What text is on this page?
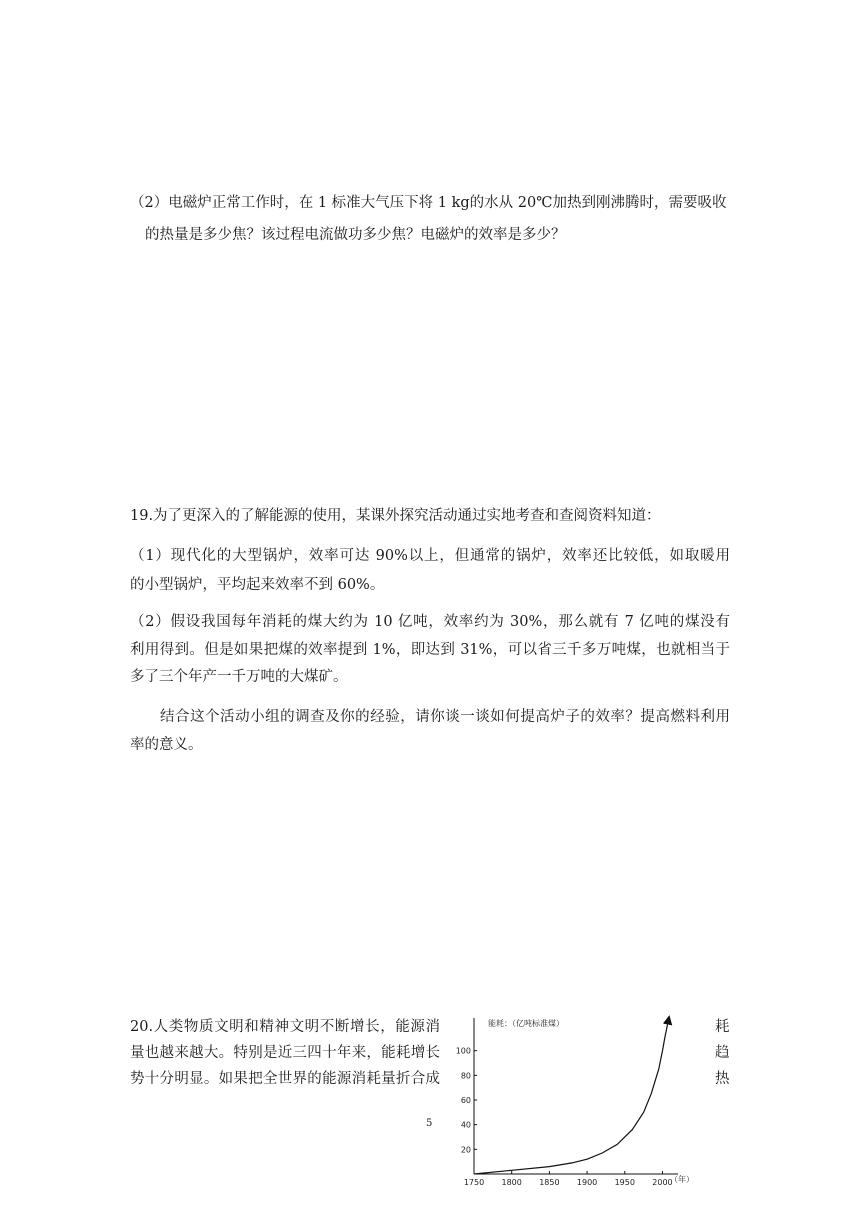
（2）电磁炉正常工作时，在 1 标准大气压下将 1 kg的水从 20℃加热到刚沸腾时，需要吸收
的热量是多少焦？该过程电流做功多少焦？电磁炉的效率是多少？
19.为了更深入的了解能源的使用，某课外探究活动通过实地考查和查阅资料知道：
（1）现代化的大型锅炉，效率可达 90%以上，但通常的锅炉，效率还比较低，如取暖用
的小型锅炉，平均起来效率不到 60%。
（2）假设我国每年消耗的煤大约为 10 亿吨，效率约为 30%，那么就有 7 亿吨的煤没有
利用得到。但是如果把煤的效率提到 1%，即达到 31%，可以省三千多万吨煤，也就相当于
多了三个年产一千万吨的大煤矿。
结合这个活动小组的调查及你的经验，请你谈一谈如何提高炉子的效率？提高燃料利用
率的意义。
20.人类物质文明和精神文明不断增长，能源消	耗
量也越来越大。特别是近三四十年来，能耗增长	趋
势十分明显。如果把全世界的能源消耗量折合成	热
5
1750 1800 1850 1900 1950 2000
20
40
60
80
100
能耗：（亿吨标准煤）
（年）
